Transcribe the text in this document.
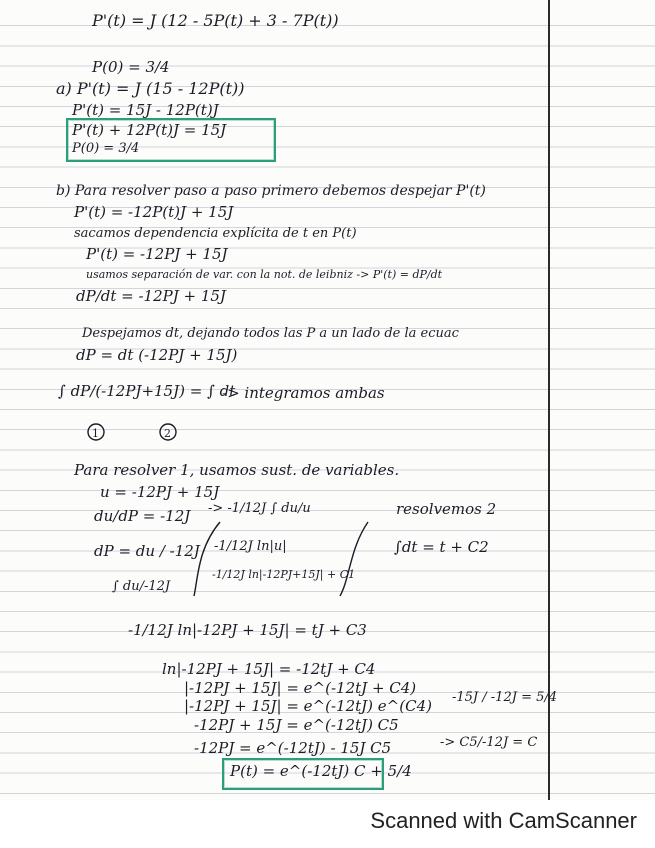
P'(t) = J (12 - 5P(t) + 3 - 7P(t))
P(0) = 3/4
a) P'(t) = J (15 - 12P(t))
P'(t) = 15J - 12P(t)J
P'(t) + 12P(t)J = 15J
P(0) = 3/4
b) Para resolver paso a paso primero debemos despejar P'(t)
P'(t) = -12P(t)J + 15J
sacamos dependencia explícita de t en P(t)
P'(t) = -12PJ + 15J
usamos separación de var. con la not. de leibniz -> P'(t) = dP/dt
dP/dt = -12PJ + 15J
Despejamos dt, dejando todos las P a un lado de la ecuac
dP = dt (-12PJ + 15J)
∫ dP/(-12PJ+15J) = ∫ dt
-> integramos ambas
1	2
Para resolver 1, usamos sust. de variables.
u = -12PJ + 15J
du/dP = -12J -> -1/12J ∫ du/u	resolvemos 2
dP = du / -12J -1/12J ln|u|	∫dt = t + C2
∫ du/-12J
-1/12J ln|-12PJ+15J| + C1
-1/12J ln|-12PJ + 15J| = tJ + C3
ln|-12PJ + 15J| = -12tJ + C4
|-12PJ + 15J| = e^(-12tJ + C4)
|-12PJ + 15J| = e^(-12tJ) e^(C4)
-12PJ + 15J = e^(-12tJ) C5
-12PJ = e^(-12tJ) - 15J C5
P(t) = e^(-12tJ) C + 5/4
-15J / -12J = 5/4
-> C5/-12J = C
Scanned with CamScanner
